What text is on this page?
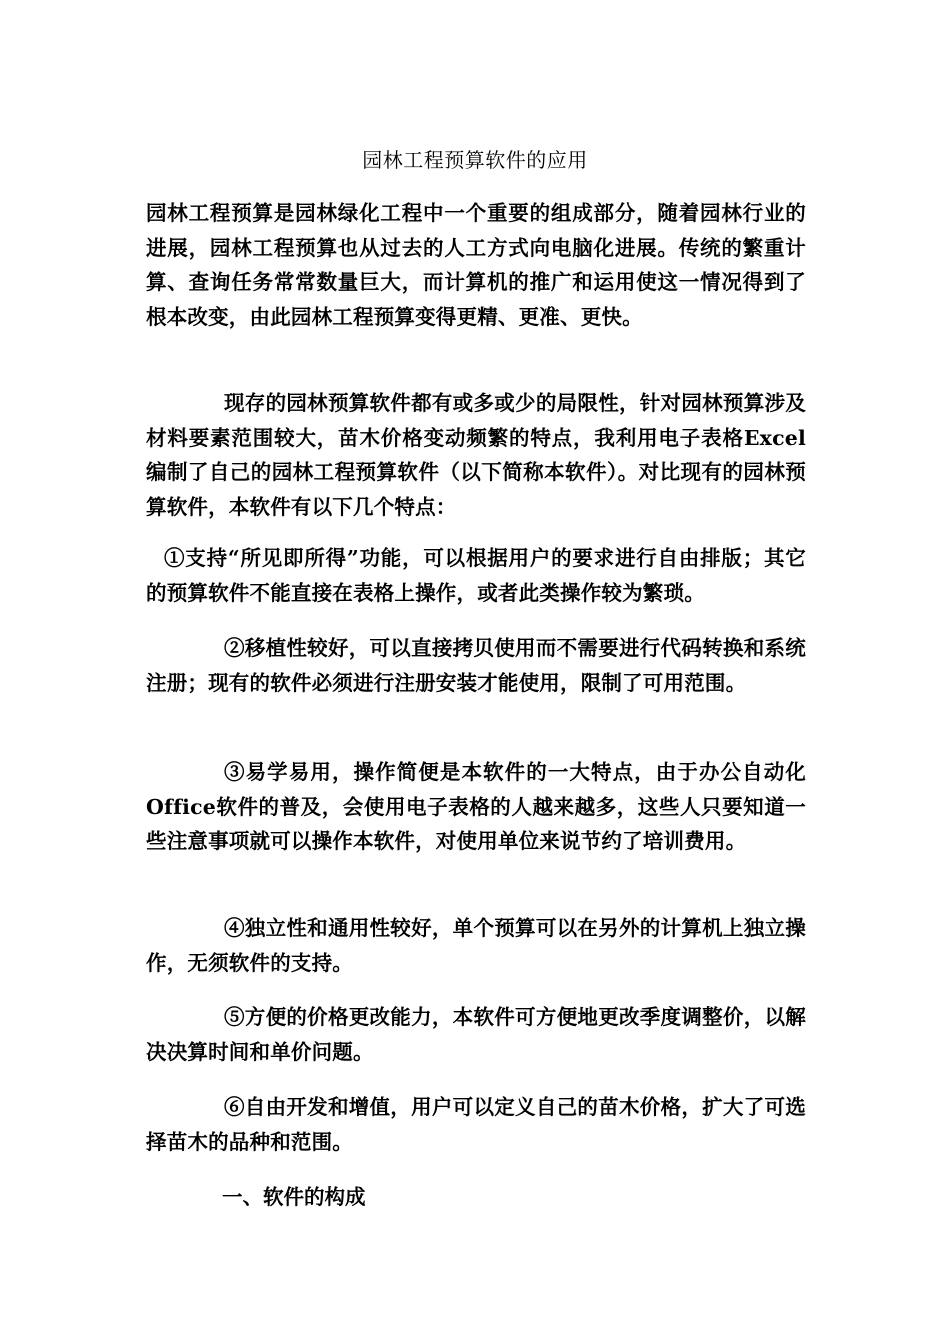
园林工程预算软件的应用
园林工程预算是园林绿化工程中一个重要的组成部分，随着园林行业的进展，园林工程预算也从过去的人工方式向电脑化进展。传统的繁重计算、查询任务常常数量巨大，而计算机的推广和运用使这一情况得到了根本改变，由此园林工程预算变得更精、更准、更快。
现存的园林预算软件都有或多或少的局限性，针对园林预算涉及材料要素范围较大，苗木价格变动频繁的特点，我利用电子表格Excel编制了自己的园林工程预算软件（以下简称本软件）。对比现有的园林预算软件，本软件有以下几个特点：
①支持“所见即所得”功能，可以根据用户的要求进行自由排版；其它的预算软件不能直接在表格上操作，或者此类操作较为繁琐。
②移植性较好，可以直接拷贝使用而不需要进行代码转换和系统注册；现有的软件必须进行注册安装才能使用，限制了可用范围。
③易学易用，操作简便是本软件的一大特点，由于办公自动化Office软件的普及，会使用电子表格的人越来越多，这些人只要知道一些注意事项就可以操作本软件，对使用单位来说节约了培训费用。
④独立性和通用性较好，单个预算可以在另外的计算机上独立操作，无须软件的支持。
⑤方便的价格更改能力，本软件可方便地更改季度调整价，以解决决算时间和单价问题。
⑥自由开发和增值，用户可以定义自己的苗木价格，扩大了可选择苗木的品种和范围。
一、软件的构成
